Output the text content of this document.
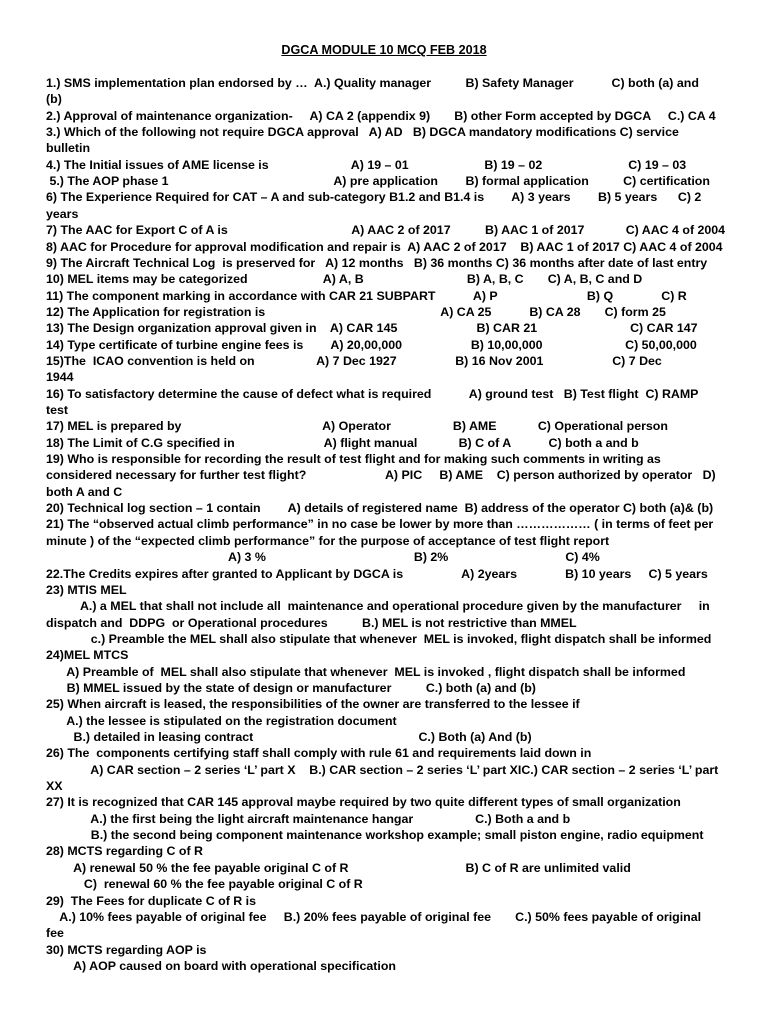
DGCA MODULE 10 MCQ FEB 2018
1.) SMS implementation plan endorsed by …  A.) Quality manager          B) Safety Manager           C) both (a) and
(b)
2.) Approval of maintenance organization-     A) CA 2 (appendix 9)       B) other Form accepted by DGCA     C.) CA 4
3.) Which of the following not require DGCA approval   A) AD   B) DGCA mandatory modifications C) service
bulletin
4.) The Initial issues of AME license is                        A) 19 – 01                      B) 19 – 02                         C) 19 – 03
5.) The AOP phase 1                                                A) pre application        B) formal application          C) certification
6) The Experience Required for CAT – A and sub-category B1.2 and B1.4 is        A) 3 years        B) 5 years      C) 2
years
7) The AAC for Export C of A is                                    A) AAC 2 of 2017          B) AAC 1 of 2017            C) AAC 4 of 2004
8) AAC for Procedure for approval modification and repair is  A) AAC 2 of 2017    B) AAC 1 of 2017 C) AAC 4 of 2004
9) The Aircraft Technical Log  is preserved for   A) 12 months   B) 36 months C) 36 months after date of last entry
10) MEL items may be categorized                      A) A, B                              B) A, B, C       C) A, B, C and D
11) The component marking in accordance with CAR 21 SUBPART           A) P                          B) Q              C) R
12) The Application for registration is                                                   A) CA 25           B) CA 28       C) form 25
13) The Design organization approval given in    A) CAR 145                       B) CAR 21                           C) CAR 147
14) Type certificate of turbine engine fees is        A) 20,00,000                    B) 10,00,000                        C) 50,00,000
15)The  ICAO convention is held on                  A) 7 Dec 1927                 B) 16 Nov 2001                    C) 7 Dec
1944
16) To satisfactory determine the cause of defect what is required           A) ground test   B) Test flight  C) RAMP
test
17) MEL is prepared by                                         A) Operator                  B) AME            C) Operational person
18) The Limit of C.G specified in                          A) flight manual            B) C of A           C) both a and b
19) Who is responsible for recording the result of test flight and for making such comments in writing as
considered necessary for further test flight?                       A) PIC     B) AME    C) person authorized by operator   D)
both A and C
20) Technical log section – 1 contain        A) details of registered name  B) address of the operator C) both (a)& (b)
21) The “observed actual climb performance” in no case be lower by more than ……………… ( in terms of feet per
minute ) of the “expected climb performance” for the purpose of acceptance of test flight report
A) 3 %                                           B) 2%                                  C) 4%
22.The Credits expires after granted to Applicant by DGCA is                 A) 2years              B) 10 years     C) 5 years
23) MTIS MEL
A.) a MEL that shall not include all  maintenance and operational procedure given by the manufacturer     in
dispatch and  DDPG  or Operational procedures          B.) MEL is not restrictive than MMEL
c.) Preamble the MEL shall also stipulate that whenever  MEL is invoked, flight dispatch shall be informed
24)MEL MTCS
A) Preamble of  MEL shall also stipulate that whenever  MEL is invoked , flight dispatch shall be informed
B) MMEL issued by the state of design or manufacturer          C.) both (a) and (b)
25) When aircraft is leased, the responsibilities of the owner are transferred to the lessee if
A.) the lessee is stipulated on the registration document
B.) detailed in leasing contract                                                C.) Both (a) And (b)
26) The  components certifying staff shall comply with rule 61 and requirements laid down in
A) CAR section – 2 series ‘L’ part X    B.) CAR section – 2 series ‘L’ part XIC.) CAR section – 2 series ‘L’ part
XX
27) It is recognized that CAR 145 approval maybe required by two quite different types of small organization
A.) the first being the light aircraft maintenance hangar                  C.) Both a and b
B.) the second being component maintenance workshop example; small piston engine, radio equipment
28) MCTS regarding C of R
A) renewal 50 % the fee payable original C of R                                  B) C of R are unlimited valid
C)  renewal 60 % the fee payable original C of R
29)  The Fees for duplicate C of R is
A.) 10% fees payable of original fee     B.) 20% fees payable of original fee       C.) 50% fees payable of original
fee
30) MCTS regarding AOP is
A) AOP caused on board with operational specification
